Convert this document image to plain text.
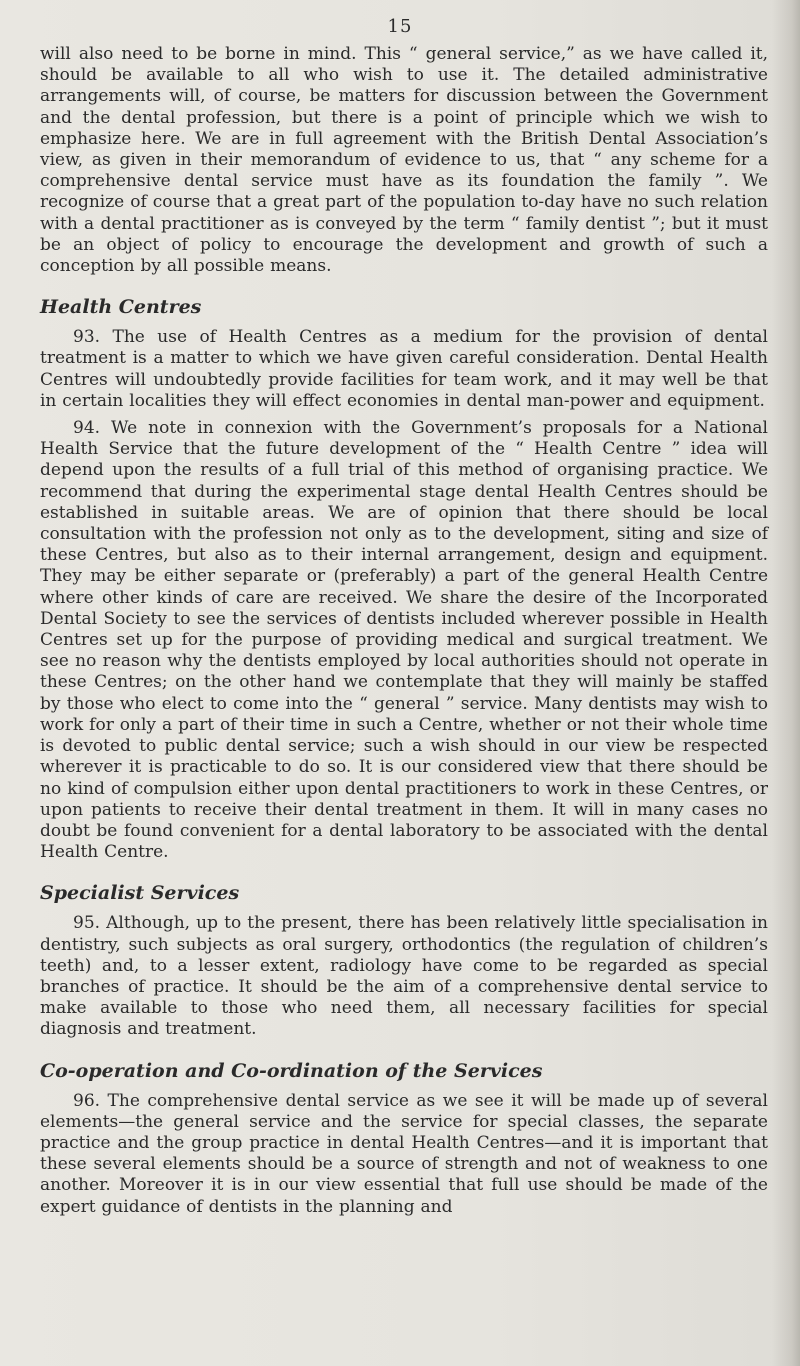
15

will also need to be borne in mind. This “ general service,” as we have called it, should be available to all who wish to use it. The detailed administrative arrangements will, of course, be matters for discussion between the Government and the dental profession, but there is a point of principle which we wish to emphasize here. We are in full agreement with the British Dental Association’s view, as given in their memorandum of evidence to us, that “ any scheme for a comprehensive dental service must have as its foundation the family ”. We recognize of course that a great part of the population to-day have no such relation with a dental practitioner as is conveyed by the term “ family dentist ”; but it must be an object of policy to encourage the development and growth of such a conception by all possible means.

Health Centres

93. The use of Health Centres as a medium for the provision of dental treatment is a matter to which we have given careful consideration. Dental Health Centres will undoubtedly provide facilities for team work, and it may well be that in certain localities they will effect economies in dental man-power and equipment.

94. We note in connexion with the Government’s proposals for a National Health Service that the future development of the “ Health Centre ” idea will depend upon the results of a full trial of this method of organising practice. We recommend that during the experimental stage dental Health Centres should be established in suitable areas. We are of opinion that there should be local consultation with the profession not only as to the development, siting and size of these Centres, but also as to their internal arrangement, design and equipment. They may be either separate or (preferably) a part of the general Health Centre where other kinds of care are received. We share the desire of the Incorporated Dental Society to see the services of dentists included wherever possible in Health Centres set up for the purpose of providing medical and surgical treatment. We see no reason why the dentists employed by local authorities should not operate in these Centres; on the other hand we contemplate that they will mainly be staffed by those who elect to come into the “ general ” service. Many dentists may wish to work for only a part of their time in such a Centre, whether or not their whole time is devoted to public dental service; such a wish should in our view be respected wherever it is practicable to do so. It is our considered view that there should be no kind of compulsion either upon dental practitioners to work in these Centres, or upon patients to receive their dental treatment in them. It will in many cases no doubt be found convenient for a dental laboratory to be associated with the dental Health Centre.

Specialist Services

95. Although, up to the present, there has been relatively little specialisation in dentistry, such subjects as oral surgery, orthodontics (the regulation of children’s teeth) and, to a lesser extent, radiology have come to be regarded as special branches of practice. It should be the aim of a comprehensive dental service to make available to those who need them, all necessary facilities for special diagnosis and treatment.

Co-operation and Co-ordination of the Services

96. The comprehensive dental service as we see it will be made up of several elements—the general service and the service for special classes, the separate practice and the group practice in dental Health Centres—and it is important that these several elements should be a source of strength and not of weakness to one another. Moreover it is in our view essential that full use should be made of the expert guidance of dentists in the planning and
